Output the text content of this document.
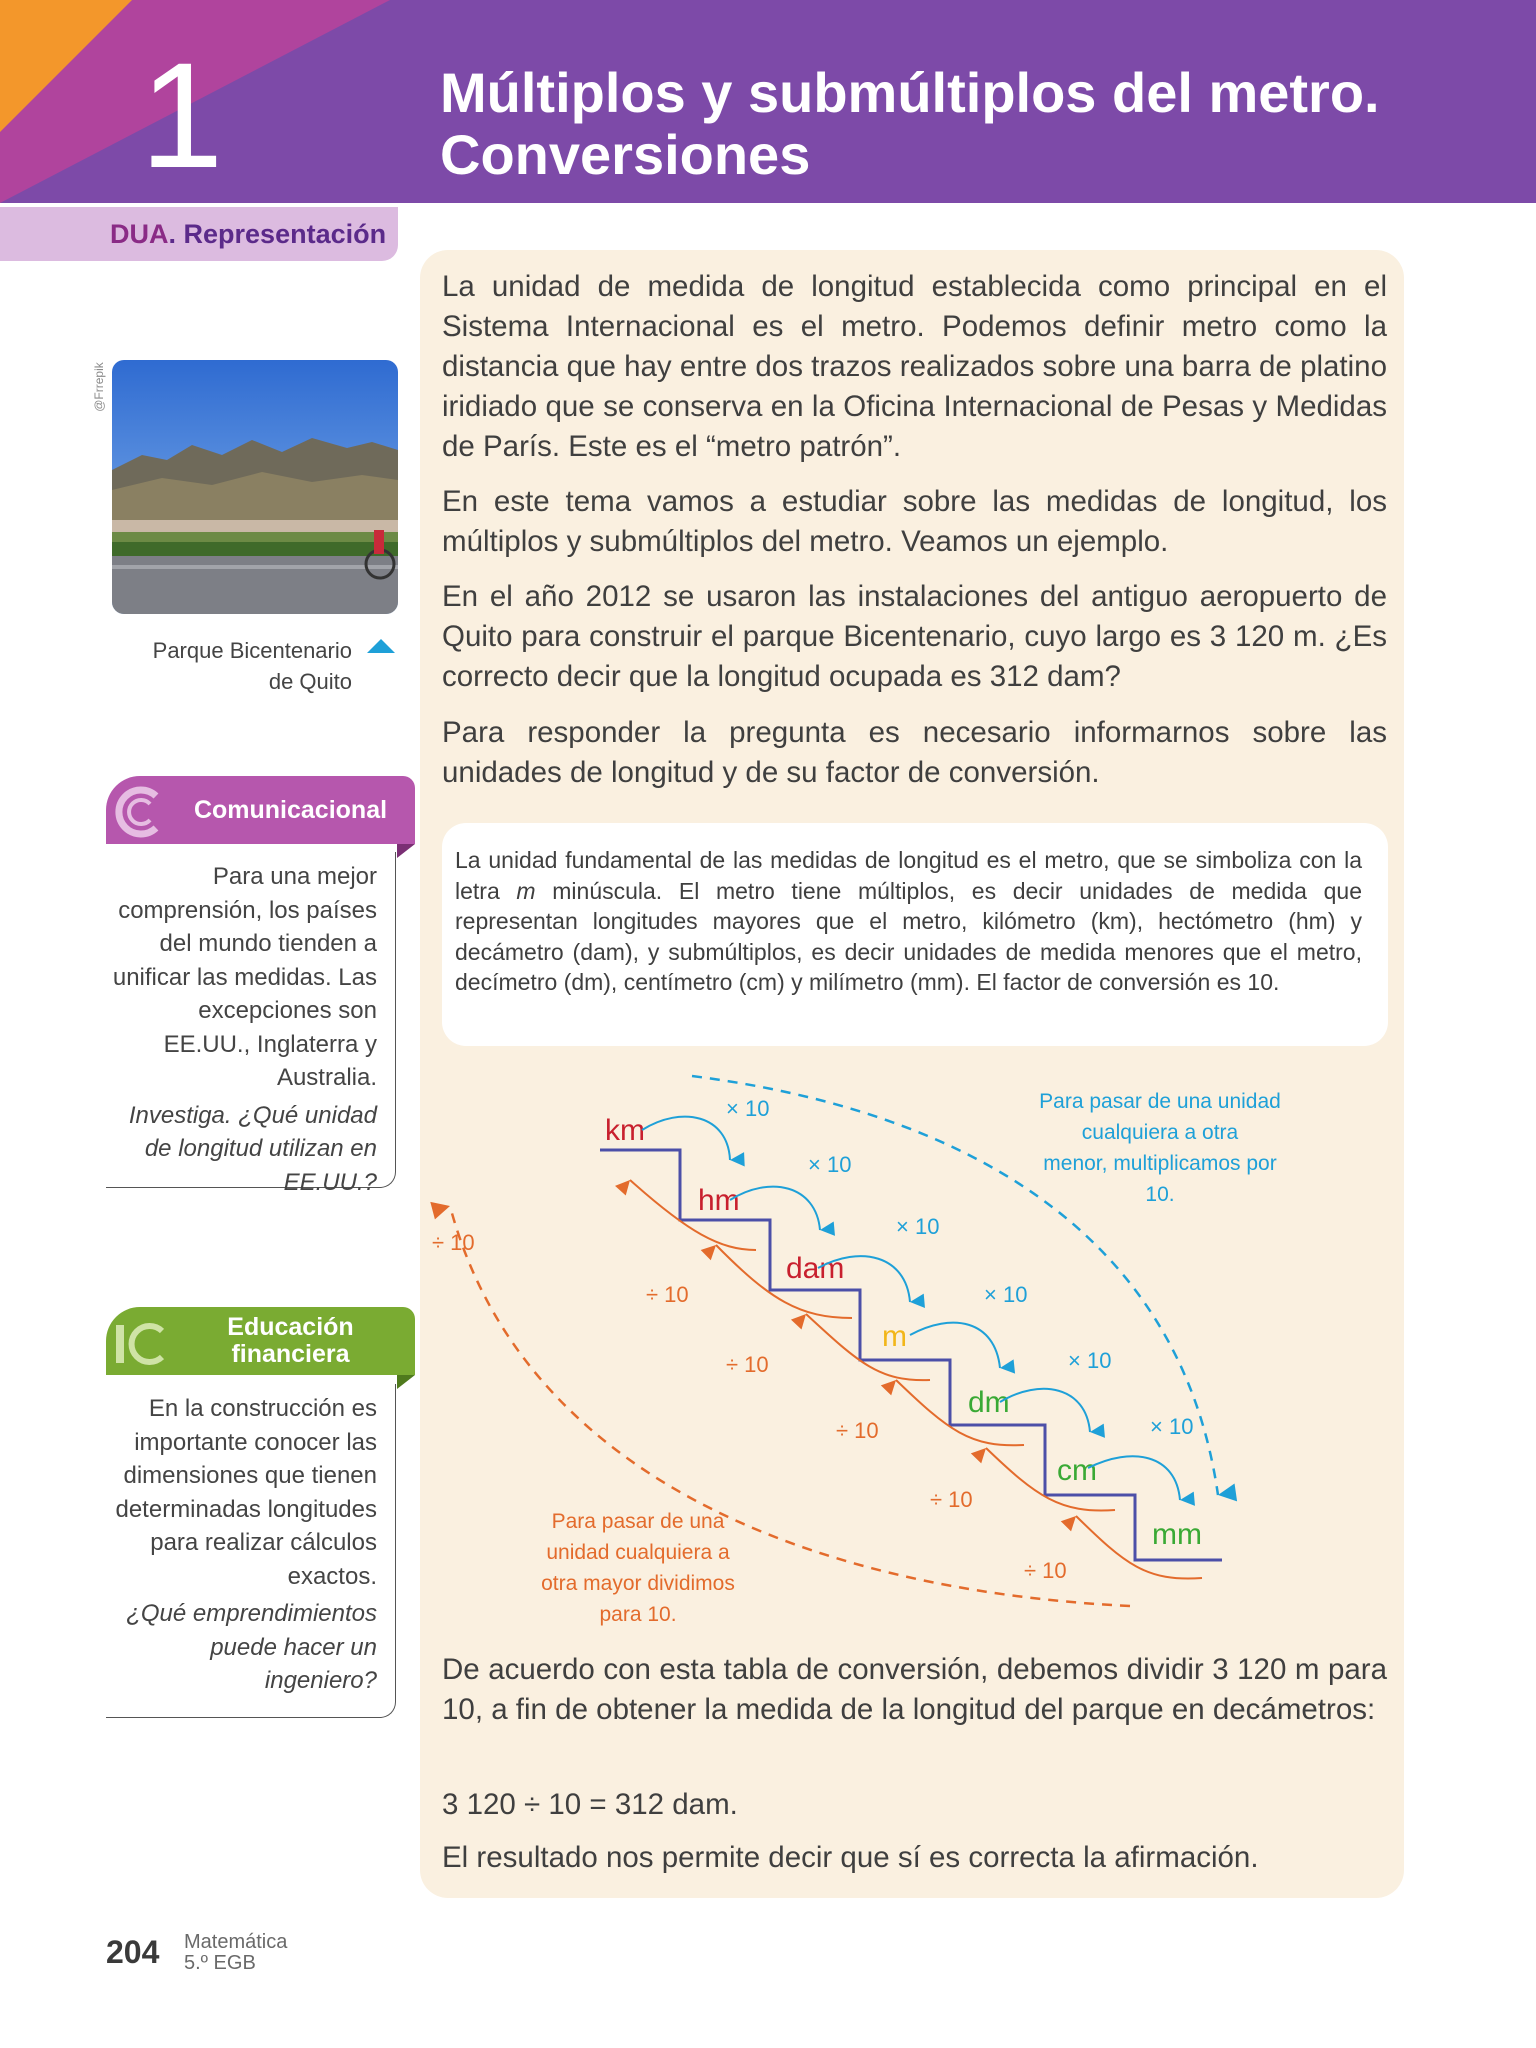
1	Múltiplos y submúltiplos del metro.
Conversiones
DUA. Representación
@Frrepik
Parque Bicentenario
de Quito
Comunicacional
Para una mejor comprensión, los países del mundo tienden a unificar las medidas. Las excepciones son EE.UU., Inglaterra y Australia.
Investiga. ¿Qué unidad de longitud utilizan en EE.UU.?
Educación
financiera
En la construcción es importante conocer las dimensiones que tienen determinadas longitudes para realizar cálculos exactos.
¿Qué emprendimientos puede hacer un ingeniero?
La unidad de medida de longitud establecida como principal en el Sistema Internacional es el metro. Podemos definir metro como la distancia que hay entre dos trazos realizados sobre una barra de platino iridiado que se conserva en la Oficina Internacional de Pesas y Medidas de París. Este es el “metro patrón”.
En este tema vamos a estudiar sobre las medidas de longitud, los múltiplos y submúltiplos del metro. Veamos un ejemplo.
En el año 2012 se usaron las instalaciones del antiguo aeropuerto de Quito para construir el parque Bicentenario, cuyo largo es 3 120 m. ¿Es correcto decir que la longitud ocupada es 312 dam?
Para responder la pregunta es necesario informarnos sobre las unidades de longitud y de su factor de conversión.
La unidad fundamental de las medidas de longitud es el metro, que se simboliza con la letra m minúscula. El metro tiene múltiplos, es decir unidades de medida que representan longitudes mayores que el metro, kilómetro (km), hectómetro (hm) y decámetro (dam), y submúltiplos, es decir unidades de medida menores que el metro, decímetro (dm), centímetro (cm) y milímetro (mm). El factor de conversión es 10.
km
hm
dam
m
dm
cm
mm
× 10
× 10
× 10
× 10
× 10
× 10
÷ 10
÷ 10
÷ 10
÷ 10
÷ 10
÷ 10
Para pasar de una unidad
cualquiera a otra
menor, multiplicamos por
10.
Para pasar de una
unidad cualquiera a
otra mayor dividimos
para 10.
De acuerdo con esta tabla de conversión, debemos dividir 3 120 m para 10, a fin de obtener la medida de la longitud del parque en decámetros:
3 120 ÷ 10 = 312 dam.
El resultado nos permite decir que sí es correcta la afirmación.
204 Matemática
5.º EGB
